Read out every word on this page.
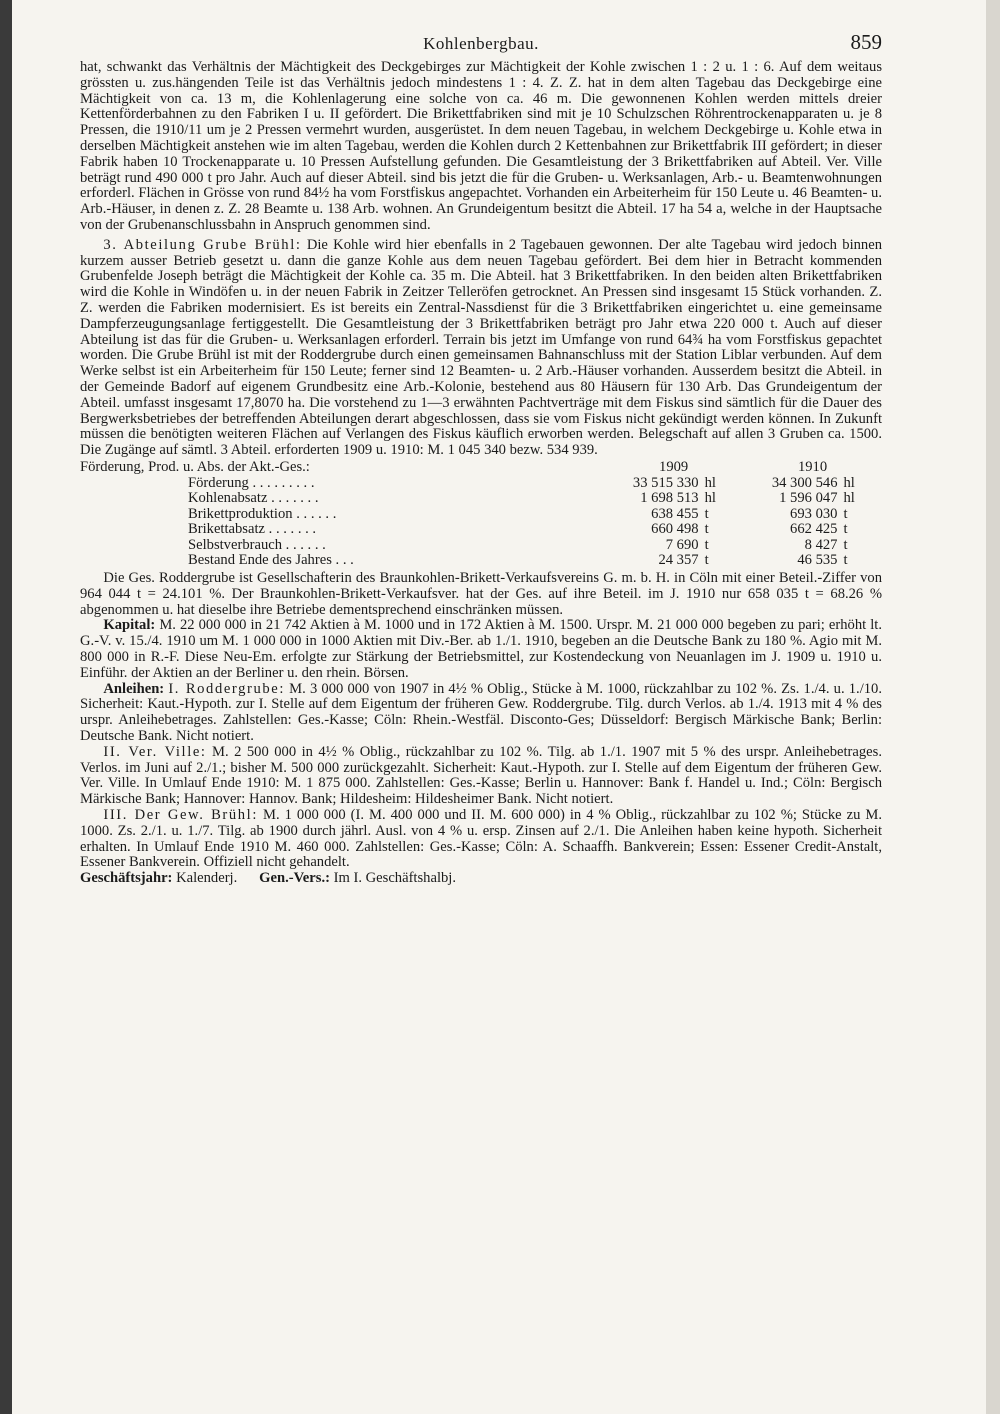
Kohlenbergbau.	859

hat, schwankt das Verhältnis der Mächtigkeit des Deckgebirges zur Mächtigkeit der Kohle zwischen 1 : 2 u. 1 : 6. Auf dem weitaus grössten u. zus.hängenden Teile ist das Verhältnis jedoch mindestens 1 : 4. Z. Z. hat in dem alten Tagebau das Deckgebirge eine Mächtigkeit von ca. 13 m, die Kohlenlagerung eine solche von ca. 46 m. Die gewonnenen Kohlen werden mittels dreier Kettenförderbahnen zu den Fabriken I u. II gefördert. Die Brikettfabriken sind mit je 10 Schulzschen Röhrentrockenapparaten u. je 8 Pressen, die 1910/11 um je 2 Pressen vermehrt wurden, ausgerüstet. In dem neuen Tagebau, in welchem Deckgebirge u. Kohle etwa in derselben Mächtigkeit anstehen wie im alten Tagebau, werden die Kohlen durch 2 Kettenbahnen zur Brikettfabrik III gefördert; in dieser Fabrik haben 10 Trockenapparate u. 10 Pressen Aufstellung gefunden. Die Gesamtleistung der 3 Brikettfabriken auf Abteil. Ver. Ville beträgt rund 490 000 t pro Jahr. Auch auf dieser Abteil. sind bis jetzt die für die Gruben- u. Werksanlagen, Arb.- u. Beamtenwohnungen erforderl. Flächen in Grösse von rund 84½ ha vom Forstfiskus angepachtet. Vorhanden ein Arbeiterheim für 150 Leute u. 46 Beamten- u. Arb.-Häuser, in denen z. Z. 28 Beamte u. 138 Arb. wohnen. An Grundeigentum besitzt die Abteil. 17 ha 54 a, welche in der Hauptsache von der Grubenanschlussbahn in Anspruch genommen sind.

3. Abteilung Grube Brühl: Die Kohle wird hier ebenfalls in 2 Tagebauen gewonnen. Der alte Tagebau wird jedoch binnen kurzem ausser Betrieb gesetzt u. dann die ganze Kohle aus dem neuen Tagebau gefördert. Bei dem hier in Betracht kommenden Grubenfelde Joseph beträgt die Mächtigkeit der Kohle ca. 35 m. Die Abteil. hat 3 Brikettfabriken. In den beiden alten Brikettfabriken wird die Kohle in Windöfen u. in der neuen Fabrik in Zeitzer Telleröfen getrocknet. An Pressen sind insgesamt 15 Stück vorhanden. Z. Z. werden die Fabriken modernisiert. Es ist bereits ein Zentral-Nassdienst für die 3 Brikettfabriken eingerichtet u. eine gemeinsame Dampferzeugungsanlage fertiggestellt. Die Gesamtleistung der 3 Brikettfabriken beträgt pro Jahr etwa 220 000 t. Auch auf dieser Abteilung ist das für die Gruben- u. Werksanlagen erforderl. Terrain bis jetzt im Umfange von rund 64¾ ha vom Forstfiskus gepachtet worden. Die Grube Brühl ist mit der Roddergrube durch einen gemeinsamen Bahnanschluss mit der Station Liblar verbunden. Auf dem Werke selbst ist ein Arbeiterheim für 150 Leute; ferner sind 12 Beamten- u. 2 Arb.-Häuser vorhanden. Ausserdem besitzt die Abteil. in der Gemeinde Badorf auf eigenem Grundbesitz eine Arb.-Kolonie, bestehend aus 80 Häusern für 130 Arb. Das Grundeigentum der Abteil. umfasst insgesamt 17,8070 ha. Die vorstehend zu 1—3 erwähnten Pachtverträge mit dem Fiskus sind sämtlich für die Dauer des Bergwerksbetriebes der betreffenden Abteilungen derart abgeschlossen, dass sie vom Fiskus nicht gekündigt werden können. In Zukunft müssen die benötigten weiteren Flächen auf Verlangen des Fiskus käuflich erworben werden. Belegschaft auf allen 3 Gruben ca. 1500. Die Zugänge auf sämtl. 3 Abteil. erforderten 1909 u. 1910: M. 1 045 340 bezw. 534 939.

Förderung, Prod. u. Abs. der Akt.-Ges.:	1909		1910	
Förderung . . . . . . . . .	33 515 330	hl	34 300 546	hl
Kohlenabsatz . . . . . . .	1 698 513	hl	1 596 047	hl
Brikettproduktion . . . . . .	638 455	t	693 030	t
Brikettabsatz . . . . . . .	660 498	t	662 425	t
Selbstverbrauch . . . . . .	7 690	t	8 427	t
Bestand Ende des Jahres . . .	24 357	t	46 535	t

Die Ges. Roddergrube ist Gesellschafterin des Braunkohlen-Brikett-Verkaufsvereins G. m. b. H. in Cöln mit einer Beteil.-Ziffer von 964 044 t = 24.101 %. Der Braunkohlen-Brikett-Verkaufsver. hat der Ges. auf ihre Beteil. im J. 1910 nur 658 035 t = 68.26 % abgenommen u. hat dieselbe ihre Betriebe dementsprechend einschränken müssen.

Kapital: M. 22 000 000 in 21 742 Aktien à M. 1000 und in 172 Aktien à M. 1500. Urspr. M. 21 000 000 begeben zu pari; erhöht lt. G.-V. v. 15./4. 1910 um M. 1 000 000 in 1000 Aktien mit Div.-Ber. ab 1./1. 1910, begeben an die Deutsche Bank zu 180 %. Agio mit M. 800 000 in R.-F. Diese Neu-Em. erfolgte zur Stärkung der Betriebsmittel, zur Kostendeckung von Neuanlagen im J. 1909 u. 1910 u. Einführ. der Aktien an der Berliner u. den rhein. Börsen.

Anleihen: I. Roddergrube: M. 3 000 000 von 1907 in 4½ % Oblig., Stücke à M. 1000, rückzahlbar zu 102 %. Zs. 1./4. u. 1./10. Sicherheit: Kaut.-Hypoth. zur I. Stelle auf dem Eigentum der früheren Gew. Roddergrube. Tilg. durch Verlos. ab 1./4. 1913 mit 4 % des urspr. Anleihebetrages. Zahlstellen: Ges.-Kasse; Cöln: Rhein.-Westfäl. Disconto-Ges; Düsseldorf: Bergisch Märkische Bank; Berlin: Deutsche Bank. Nicht notiert.

II. Ver. Ville: M. 2 500 000 in 4½ % Oblig., rückzahlbar zu 102 %. Tilg. ab 1./1. 1907 mit 5 % des urspr. Anleihebetrages. Verlos. im Juni auf 2./1.; bisher M. 500 000 zurückgezahlt. Sicherheit: Kaut.-Hypoth. zur I. Stelle auf dem Eigentum der früheren Gew. Ver. Ville. In Umlauf Ende 1910: M. 1 875 000. Zahlstellen: Ges.-Kasse; Berlin u. Hannover: Bank f. Handel u. Ind.; Cöln: Bergisch Märkische Bank; Hannover: Hannov. Bank; Hildesheim: Hildesheimer Bank. Nicht notiert.

III. Der Gew. Brühl: M. 1 000 000 (I. M. 400 000 und II. M. 600 000) in 4 % Oblig., rückzahlbar zu 102 %; Stücke zu M. 1000. Zs. 2./1. u. 1./7. Tilg. ab 1900 durch jährl. Ausl. von 4 % u. ersp. Zinsen auf 2./1. Die Anleihen haben keine hypoth. Sicherheit erhalten. In Umlauf Ende 1910 M. 460 000. Zahlstellen: Ges.-Kasse; Cöln: A. Schaaffh. Bankverein; Essen: Essener Credit-Anstalt, Essener Bankverein. Offiziell nicht gehandelt.

Geschäftsjahr: Kalenderj. Gen.-Vers.: Im I. Geschäftshalbj.
